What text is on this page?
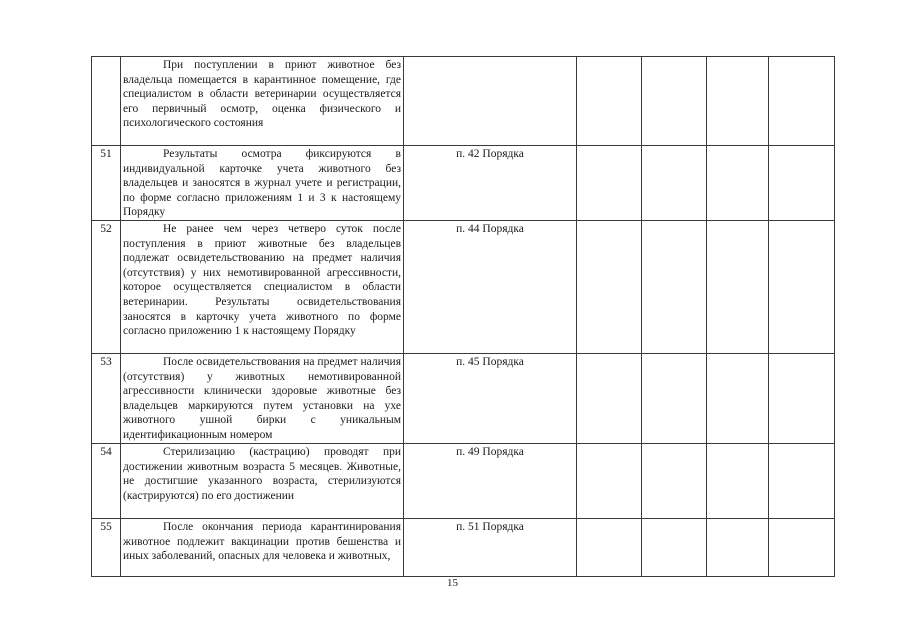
	При поступлении в приют животное без владельца помещается в карантинное помещение, где специалистом в области ветеринарии осуществляется его первичный осмотр, оценка физического и психологического состояния					
51	Результаты осмотра фиксируются в индивидуальной карточке учета животного без владельцев и заносятся в журнал учете и регистрации, по форме согласно приложениям 1 и 3 к настоящему Порядку	п. 42 Порядка				
52	Не ранее чем через четверо суток после поступления в приют животные без владельцев подлежат освидетельствованию на предмет наличия (отсутствия) у них немотивированной агрессивности, которое осуществляется специалистом в области ветеринарии. Результаты освидетельствования заносятся в карточку учета животного по форме согласно приложению 1 к настоящему Порядку	п. 44 Порядка				
53	После освидетельствования на предмет наличия (отсутствия) у животных немотивированной агрессивности клинически здоровые животные без владельцев маркируются путем установки на ухе животного ушной бирки с уникальным идентификационным номером	п. 45 Порядка				
54	Стерилизацию (кастрацию) проводят при достижении животным возраста 5 месяцев. Животные, не достигшие указанного возраста, стерилизуются (кастрируются) по его достижении	п. 49 Порядка				
55	После окончания периода карантинирования животное подлежит вакцинации против бешенства и иных заболеваний, опасных для человека и животных,	п. 51 Порядка				
15
